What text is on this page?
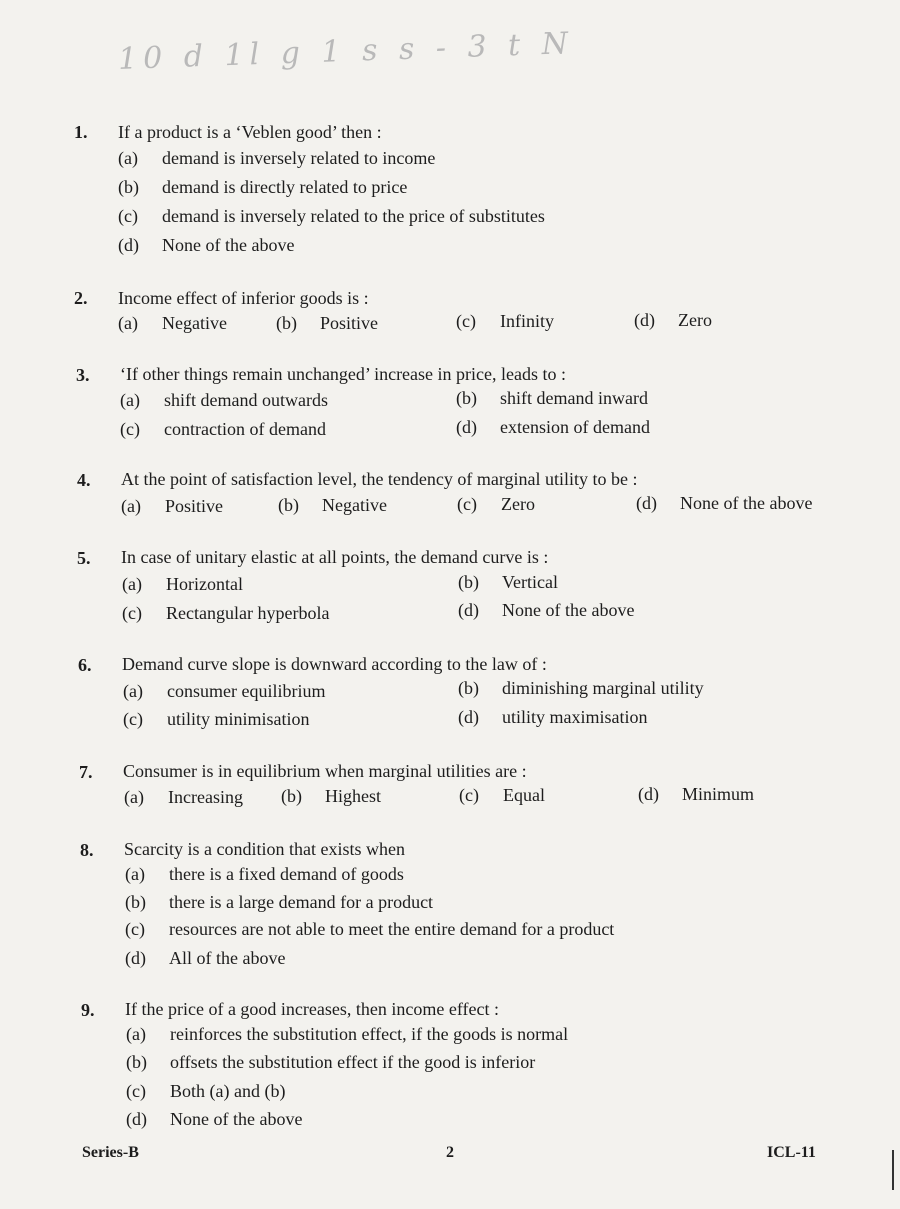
10 d 1l g 1 s s - 3 t N
1. If a product is a ‘Veblen good’ then :
(a) demand is inversely related to income
(b) demand is directly related to price
(c) demand is inversely related to the price of substitutes
(d) None of the above
2. Income effect of inferior goods is :
(a) Negative	(b) Positive	(c) Infinity	(d) Zero
3. ‘If other things remain unchanged’ increase in price, leads to :
(a) shift demand outwards	(b) shift demand inward
(c) contraction of demand	(d) extension of demand
4. At the point of satisfaction level, the tendency of marginal utility to be :
(a) Positive	(b) Negative	(c) Zero	(d) None of the above
5. In case of unitary elastic at all points, the demand curve is :
(a) Horizontal	(b) Vertical
(c) Rectangular hyperbola	(d) None of the above
6. Demand curve slope is downward according to the law of :
(a) consumer equilibrium	(b) diminishing marginal utility
(c) utility minimisation	(d) utility maximisation
7. Consumer is in equilibrium when marginal utilities are :
(a) Increasing (b) Highest	(c) Equal	(d) Minimum
8. Scarcity is a condition that exists when
(a) there is a fixed demand of goods
(b) there is a large demand for a product
(c) resources are not able to meet the entire demand for a product
(d) All of the above
9. If the price of a good increases, then income effect :
(a) reinforces the substitution effect, if the goods is normal
(b) offsets the substitution effect if the good is inferior
(c) Both (a) and (b)
(d) None of the above
Series-B	2	ICL-11
